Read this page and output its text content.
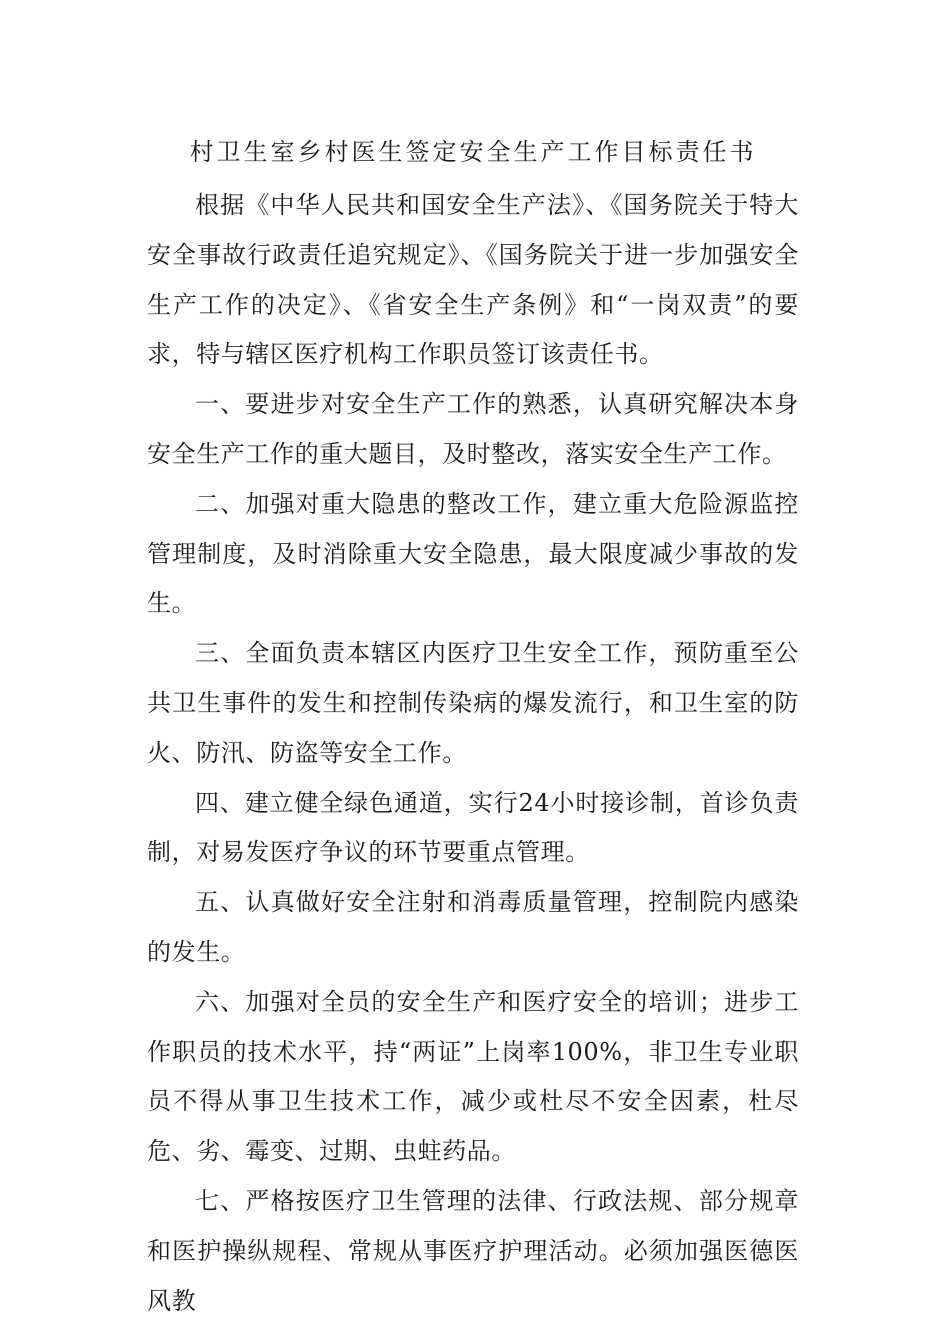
村卫生室乡村医生签定安全生产工作目标责任书

根据《中华人民共和国安全生产法》、《国务院关于特大安全事故行政责任追究规定》、《国务院关于进一步加强安全生产工作的决定》、《省安全生产条例》和“一岗双责”的要求，特与辖区医疗机构工作职员签订该责任书。

一、要进步对安全生产工作的熟悉，认真研究解决本身安全生产工作的重大题目，及时整改，落实安全生产工作。

二、加强对重大隐患的整改工作，建立重大危险源监控管理制度，及时消除重大安全隐患，最大限度减少事故的发生。

三、全面负责本辖区内医疗卫生安全工作，预防重至公共卫生事件的发生和控制传染病的爆发流行，和卫生室的防火、防汛、防盗等安全工作。

四、建立健全绿色通道，实行24小时接诊制，首诊负责制，对易发医疗争议的环节要重点管理。

五、认真做好安全注射和消毒质量管理，控制院内感染的发生。

六、加强对全员的安全生产和医疗安全的培训；进步工作职员的技术水平，持“两证”上岗率100%，非卫生专业职员不得从事卫生技术工作，减少或杜尽不安全因素，杜尽危、劣、霉变、过期、虫蛀药品。

七、严格按医疗卫生管理的法律、行政法规、部分规章和医护操纵规程、常规从事医疗护理活动。必须加强医德医风教
